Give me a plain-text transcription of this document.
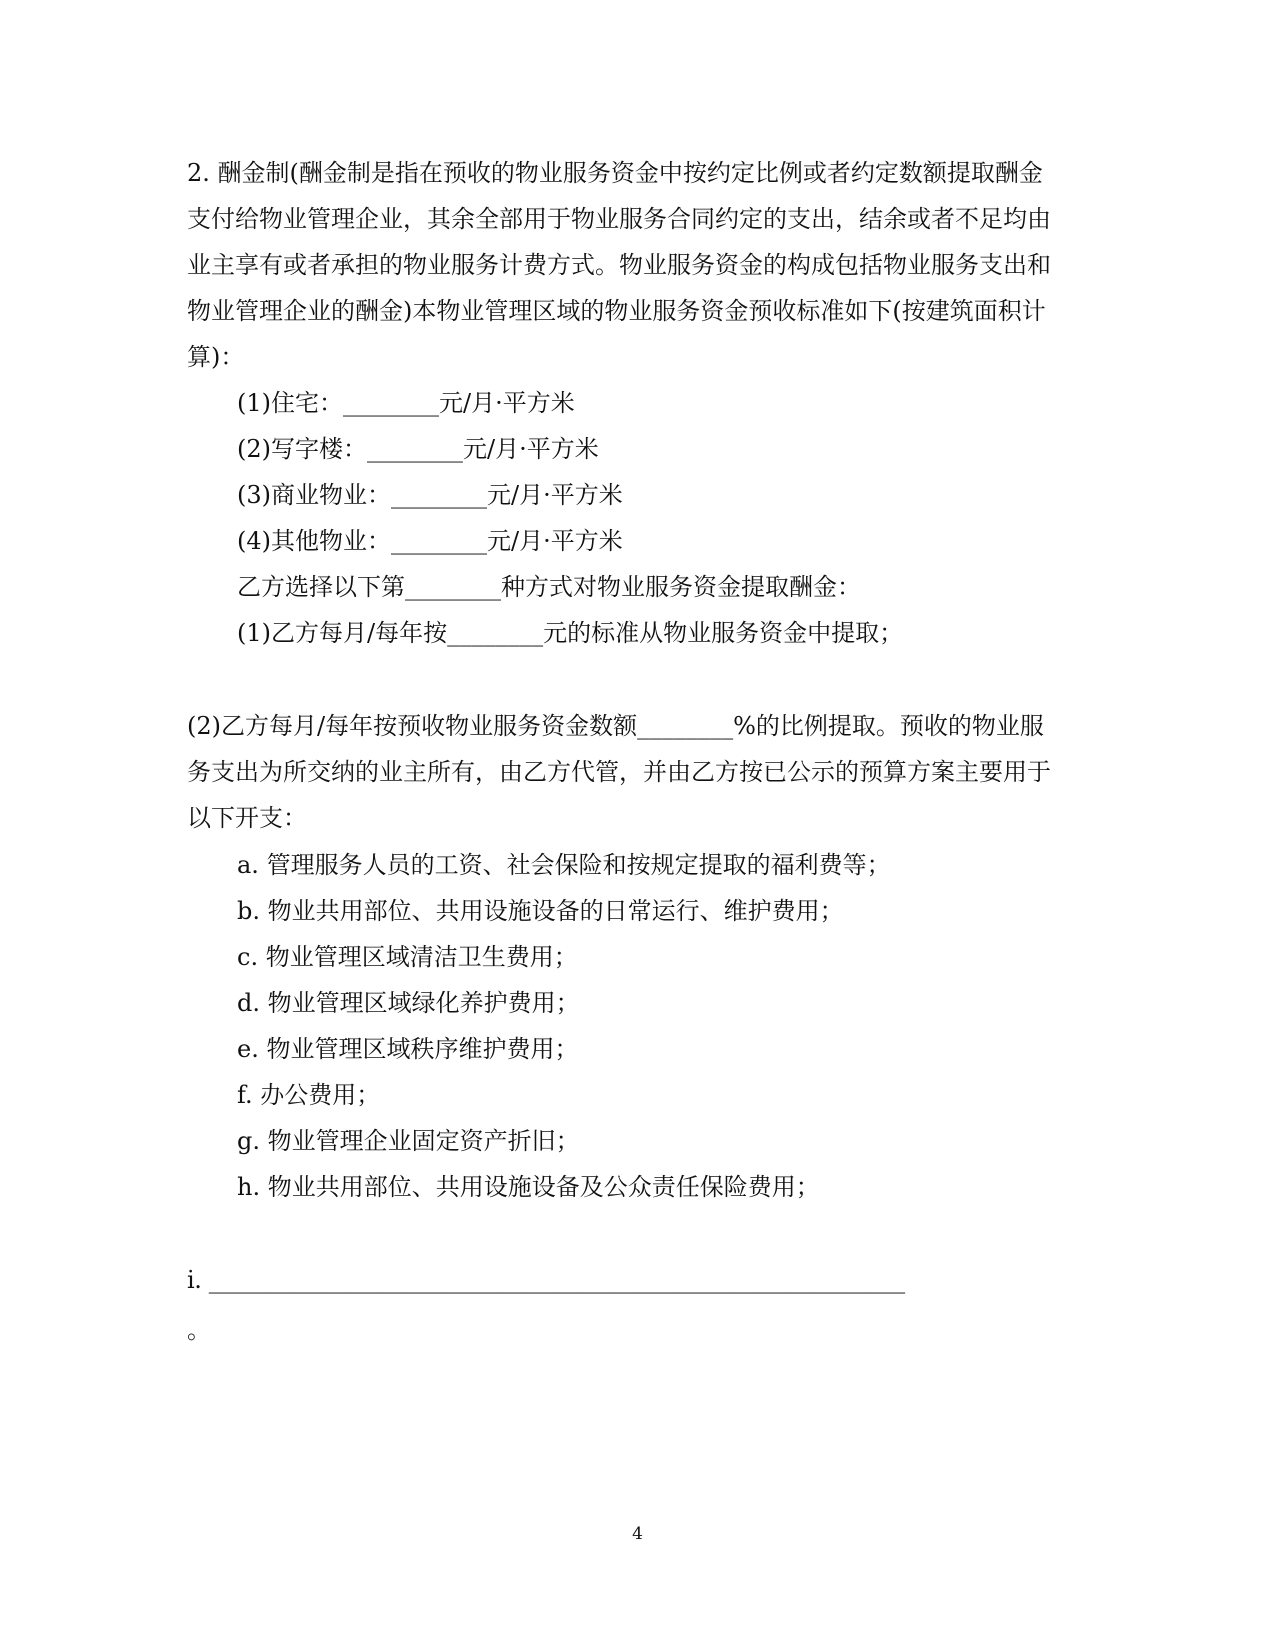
2. 酬金制(酬金制是指在预收的物业服务资金中按约定比例或者约定数额提取酬金
支付给物业管理企业，其余全部用于物业服务合同约定的支出，结余或者不足均由
业主享有或者承担的物业服务计费方式。物业服务资金的构成包括物业服务支出和
物业管理企业的酬金)本物业管理区域的物业服务资金预收标准如下(按建筑面积计
算)：
(1)住宅：________元/月·平方米
(2)写字楼：________元/月·平方米
(3)商业物业：________元/月·平方米
(4)其他物业：________元/月·平方米
乙方选择以下第________种方式对物业服务资金提取酬金：
(1)乙方每月/每年按________元的标准从物业服务资金中提取；
(2)乙方每月/每年按预收物业服务资金数额________%的比例提取。预收的物业服
务支出为所交纳的业主所有，由乙方代管，并由乙方按已公示的预算方案主要用于
以下开支：
a. 管理服务人员的工资、社会保险和按规定提取的福利费等；
b. 物业共用部位、共用设施设备的日常运行、维护费用；
c. 物业管理区域清洁卫生费用；
d. 物业管理区域绿化养护费用；
e. 物业管理区域秩序维护费用；
f. 办公费用；
g. 物业管理企业固定资产折旧；
h. 物业共用部位、共用设施设备及公众责任保险费用；
i. ____________________________________________________________
。
4
